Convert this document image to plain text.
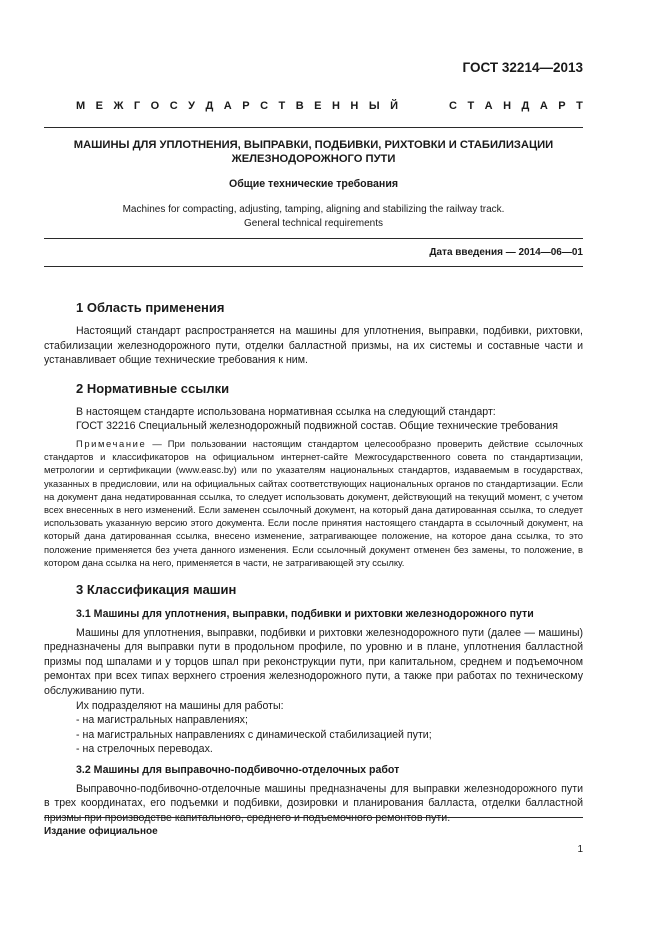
ГОСТ 32214—2013
М Е Ж Г О С У Д А Р С Т В Е Н Н Ы Й	С Т А Н Д А Р Т
МАШИНЫ ДЛЯ УПЛОТНЕНИЯ, ВЫПРАВКИ, ПОДБИВКИ, РИХТОВКИ И СТАБИЛИЗАЦИИ
ЖЕЛЕЗНОДОРОЖНОГО ПУТИ
Общие технические требования
Machines for compacting, adjusting, tamping, aligning and stabilizing the railway track.
General technical requirements
Дата введения — 2014—06—01
1 Область применения

Настоящий стандарт распространяется на машины для уплотнения, выправки, подбивки, рихтовки, стабилизации железнодорожного пути, отделки балластной призмы, на их системы и составные части и устанавливает общие технические требования к ним.

2 Нормативные ссылки

В настоящем стандарте использована нормативная ссылка на следующий стандарт:

ГОСТ 32216 Специальный железнодорожный подвижной состав. Общие технические требования

Примечание — При пользовании настоящим стандартом целесообразно проверить действие ссылочных стандартов и классификаторов на официальном интернет-сайте Межгосударственного совета по стандартизации, метрологии и сертификации (www.easc.by) или по указателям национальных стандартов, издаваемым в государствах, указанных в предисловии, или на официальных сайтах соответствующих национальных органов по стандартизации. Если на документ дана недатированная ссылка, то следует использовать документ, действующий на текущий момент, с учетом всех внесенных в него изменений. Если заменен ссылочный документ, на который дана датированная ссылка, то следует использовать указанную версию этого документа. Если после принятия настоящего стандарта в ссылочный документ, на который дана датированная ссылка, внесено изменение, затрагивающее положение, на которое дана ссылка, то это положение применяется без учета данного изменения. Если ссылочный документ отменен без замены, то положение, в котором дана ссылка на него, применяется в части, не затрагивающей эту ссылку.

3 Классификация машин
3.1 Машины для уплотнения, выправки, подбивки и рихтовки железнодорожного пути

Машины для уплотнения, выправки, подбивки и рихтовки железнодорожного пути (далее — машины) предназначены для выправки пути в продольном профиле, по уровню и в плане, уплотнения балластной призмы под шпалами и у торцов шпал при реконструкции пути, при капитальном, среднем и подъемочном ремонтах при всех типах верхнего строения железнодорожного пути, а также при работах по техническому обслуживанию пути.

Их подразделяют на машины для работы:

- на магистральных направлениях;
- на магистральных направлениях с динамической стабилизацией пути;
- на стрелочных переводах.
3.2 Машины для выправочно-подбивочно-отделочных работ

Выправочно-подбивочно-отделочные машины предназначены для выправки железнодорожного пути в трех координатах, его подъемки и подбивки, дозировки и планирования балласта, отделки балластной призмы при производстве капитального, среднего и подъемочного ремонтов пути.

Издание официальное
1
